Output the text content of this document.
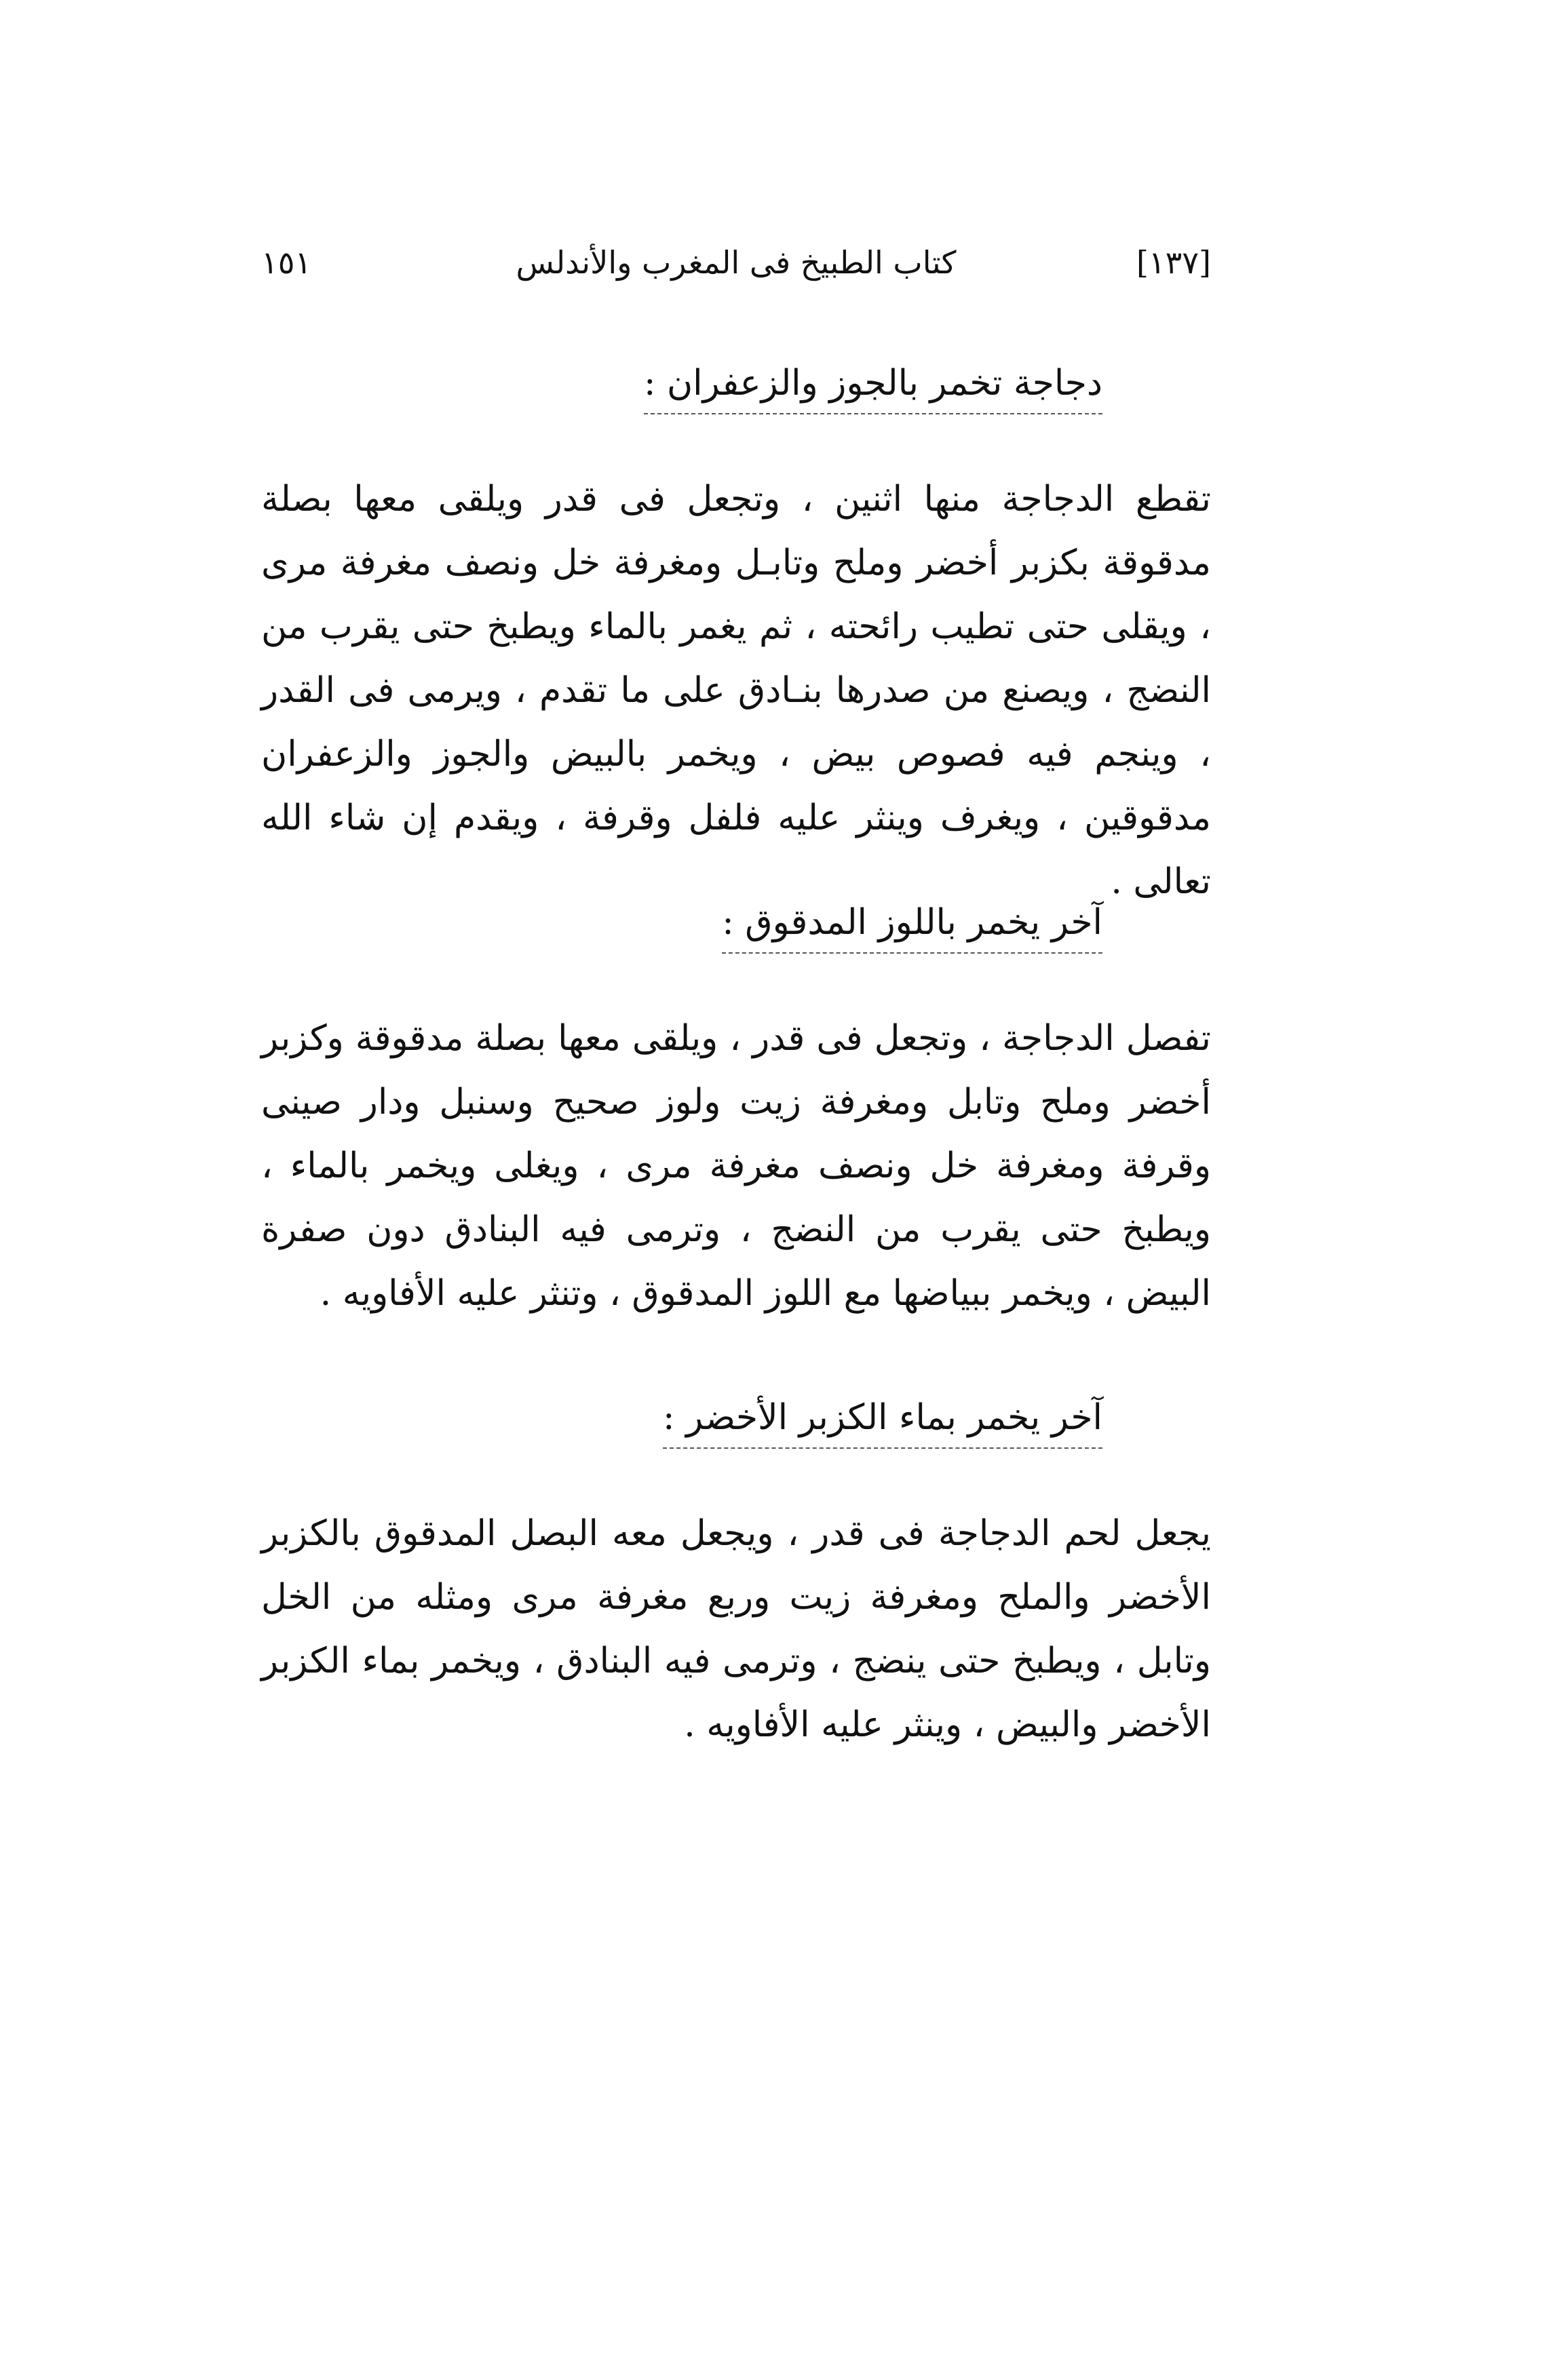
١٥١	كتاب الطبيخ فى المغرب والأندلس	[١٣٧]
دجاجة تخمر بالجوز والزعفران :

تقطع الدجاجة منها اثنين ، وتجعل فى قدر ويلقى معها بصلة مدقوقة بكزبر أخضر وملح وتابـل ومغرفة خل ونصف مغرفة مرى ، ويقلى حتى تطيب رائحته ، ثم يغمر بالماء ويطبخ حتى يقرب من النضج ، ويصنع من صدرها بنـادق على ما تقدم ، ويرمى فى القدر ، وينجم فيه فصوص بيض ، ويخمر بالبيض والجوز والزعفران مدقوقين ، ويغرف وينثر عليه فلفل وقرفة ، ويقدم إن شاء الله تعالى .

آخر يخمر باللوز المدقوق :

تفصل الدجاجة ، وتجعل فى قدر ، ويلقى معها بصلة مدقوقة وكزبر أخضر وملح وتابل ومغرفة زيت ولوز صحيح وسنبل ودار صينى وقرفة ومغرفة خل ونصف مغرفة مرى ، ويغلى ويخمر بالماء ، ويطبخ حتى يقرب من النضج ، وترمى فيه البنادق دون صفرة البيض ، ويخمر ببياضها مع اللوز المدقوق ، وتنثر عليه الأفاويه .

آخر يخمر بماء الكزبر الأخضر :

يجعل لحم الدجاجة فى قدر ، ويجعل معه البصل المدقوق بالكزبر الأخضر والملح ومغرفة زيت وربع مغرفة مرى ومثله من الخل وتابل ، ويطبخ حتى ينضج ، وترمى فيه البنادق ، ويخمر بماء الكزبر الأخضر والبيض ، وينثر عليه الأفاويه .
